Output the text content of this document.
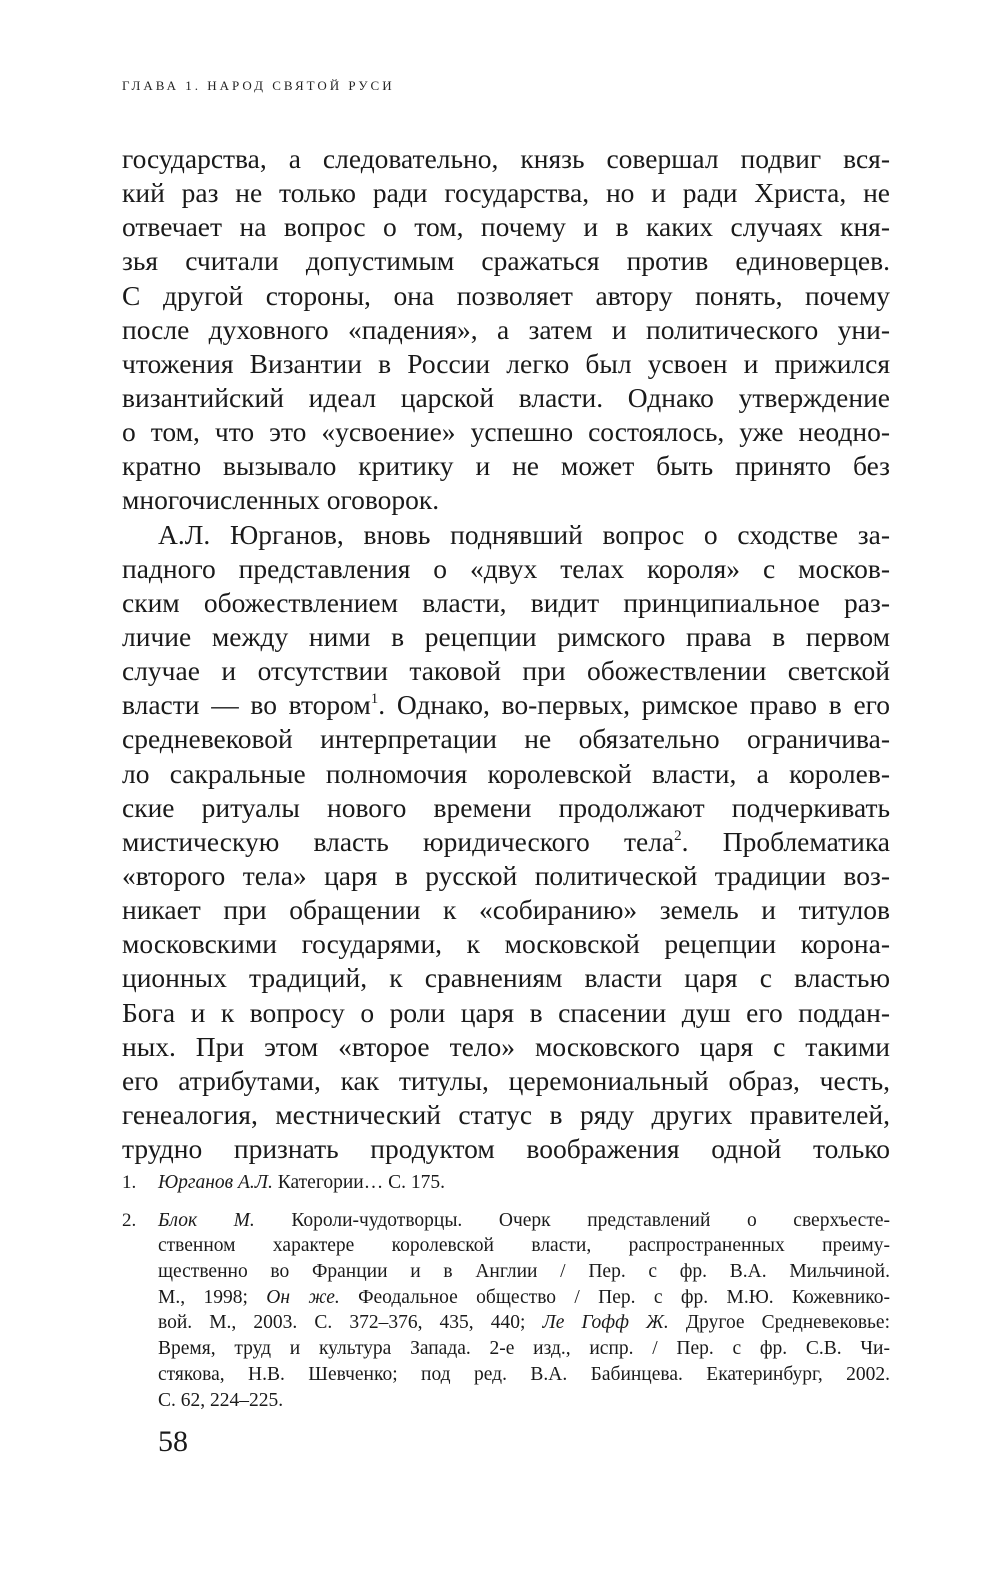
ГЛАВА 1. НАРОД СВЯТОЙ РУСИ
государства, а следовательно, князь совершал подвиг вся-
кий раз не только ради государства, но и ради Христа, не
отвечает на вопрос о том, почему и в каких случаях кня-
зья считали допустимым сражаться против единоверцев.
С другой стороны, она позволяет автору понять, почему
после духовного «падения», а затем и политического уни-
чтожения Византии в России легко был усвоен и прижился
византийский идеал царской власти. Однако утверждение
о том, что это «усвоение» успешно состоялось, уже неодно-
кратно вызывало критику и не может быть принято без
многочисленных оговорок.
А.Л. Юрганов, вновь поднявший вопрос о сходстве за-
падного представления о «двух телах короля» с москов-
ским обожествлением власти, видит принципиальное раз-
личие между ними в рецепции римского права в первом
случае и отсутствии таковой при обожествлении светской
власти — во втором$^1$. Однако, во-первых, римское право в его
средневековой интерпретации не обязательно ограничива-
ло сакральные полномочия королевской власти, а королев-
ские ритуалы нового времени продолжают подчеркивать
мистическую власть юридического тела$^2$. Проблематика
«второго тела» царя в русской политической традиции воз-
никает при обращении к «собиранию» земель и титулов
московскими государями, к московской рецепции корона-
ционных традиций, к сравнениям власти царя с властью
Бога и к вопросу о роли царя в спасении душ его поддан-
ных. При этом «второе тело» московского царя с такими
его атрибутами, как титулы, церемониальный образ, честь,
генеалогия, местнический статус в ряду других правителей,
трудно признать продуктом воображения одной только
1. Юрганов А.Л. Категории… С. 175.
2. Блок М. Короли-чудотворцы. Очерк представлений о сверхъесте-
ственном характере королевской власти, распространенных преиму-
щественно во Франции и в Англии / Пер. с фр. В.А. Мильчиной.
М., 1998; Он же. Феодальное общество / Пер. с фр. М.Ю. Кожевнико-
вой. М., 2003. С. 372–376, 435, 440; Ле Гофф Ж. Другое Средневековье:
Время, труд и культура Запада. 2-е изд., испр. / Пер. с фр. С.В. Чи-
стякова, Н.В. Шевченко; под ред. В.А. Бабинцева. Екатеринбург, 2002.
С. 62, 224–225.
58
